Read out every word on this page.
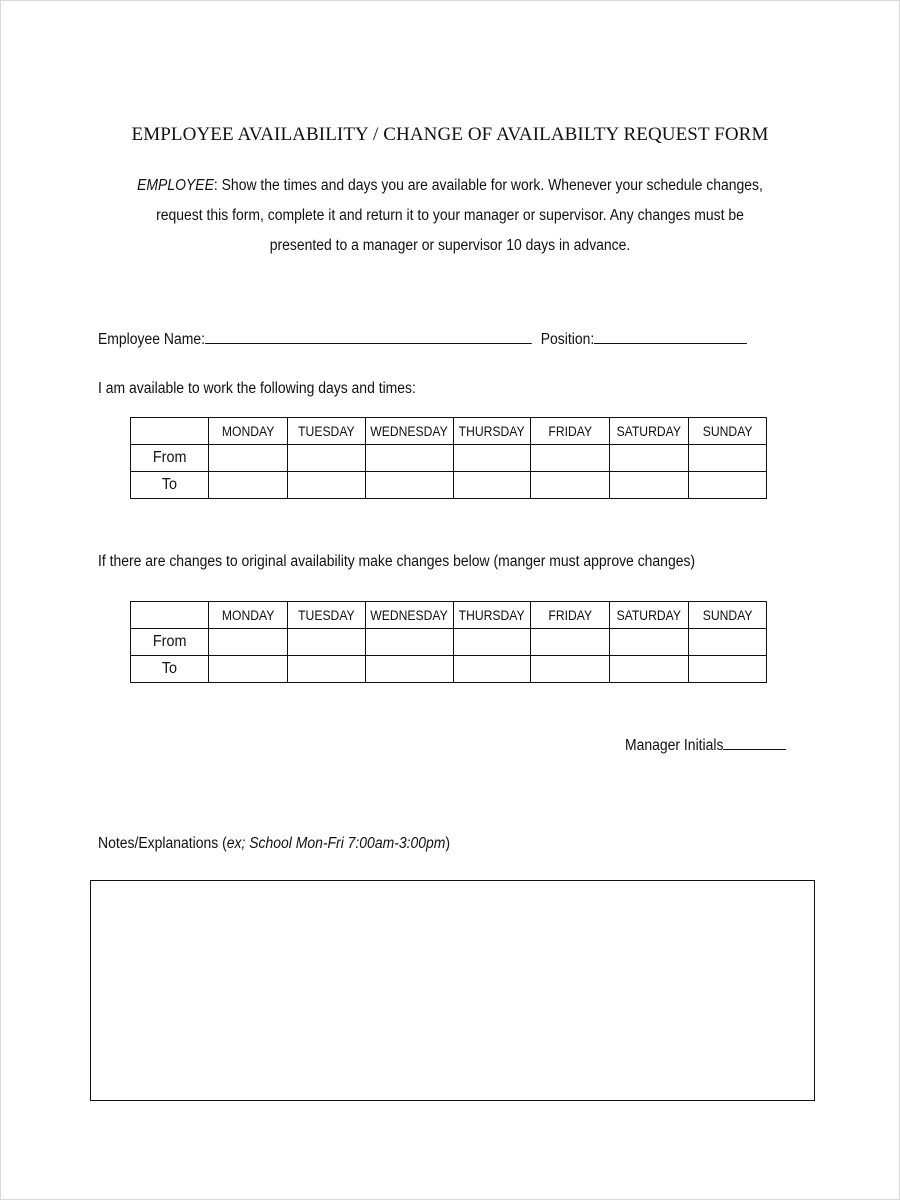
EMPLOYEE AVAILABILITY / CHANGE OF AVAILABILTY REQUEST FORM
EMPLOYEE: Show the times and days you are available for work. Whenever your schedule changes,
request this form, complete it and return it to your manager or supervisor. Any changes must be
presented to a manager or supervisor 10 days in advance.
Employee Name:	Position:
I am available to work the following days and times:
	MONDAY	TUESDAY	WEDNESDAY	THURSDAY	FRIDAY	SATURDAY	SUNDAY
From							
To							
If there are changes to original availability make changes below (manger must approve changes)
	MONDAY	TUESDAY	WEDNESDAY	THURSDAY	FRIDAY	SATURDAY	SUNDAY
From							
To							
Manager Initials
Notes/Explanations (ex; School Mon-Fri 7:00am-3:00pm)
